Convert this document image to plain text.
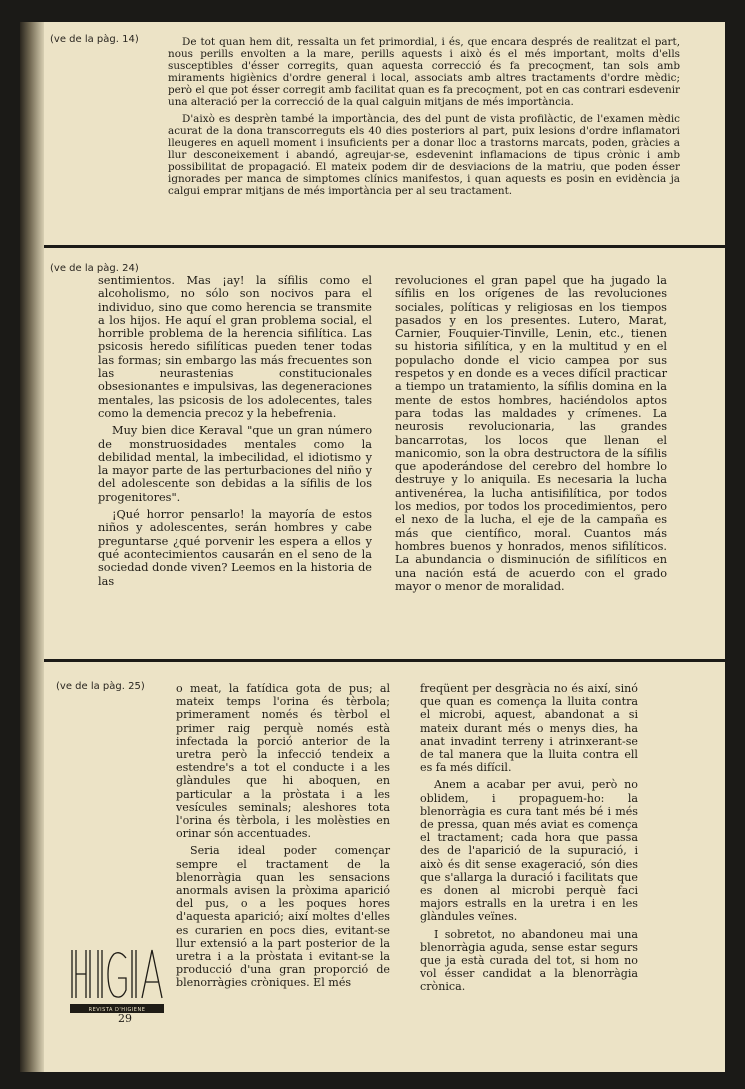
(ve de la pàg. 14)	De tot quan hem dit, ressalta un fet primordial, i és, que encara després de realitzat el part, nous perills envolten a la mare, perills aquests i això és el més important, molts d'ells susceptibles d'ésser corregits, quan aquesta correcció és fa precoçment, tan sols amb miraments higiènics d'ordre general i local, associats amb altres tractaments d'ordre mèdic; però el que pot ésser corregit amb facilitat quan es fa precoçment, pot en cas contrari esdevenir una alteració per la correcció de la qual calguin mitjans de més importància.

D'això es desprèn també la importància, des del punt de vista profilàctic, de l'examen mèdic acurat de la dona transcorreguts els 40 dies posteriors al part, puix lesions d'ordre inflamatori lleugeres en aquell moment i insuficients per a donar lloc a trastorns marcats, poden, gràcies a llur desconeixement i abandó, agreujar-se, esdevenint inflamacions de tipus crònic i amb possibilitat de propagació. El mateix podem dir de desviacions de la matriu, que poden ésser ignorades per manca de simptomes clínics manifestos, i quan aquests es posin en evidència ja calgui emprar mitjans de més importància per al seu tractament.

(ve de la pàg. 24)

sentimientos. Mas ¡ay! la sífilis como el alcoholismo, no sólo son nocivos para el individuo, sino que como herencia se transmite a los hijos. He aquí el gran problema social, el horrible problema de la herencia sifilítica. Las psicosis heredo sifilíticas pueden tener todas las formas; sin embargo las más frecuentes son las neurastenias constitucionales obsesionantes e impulsivas, las degeneraciones mentales, las psicosis de los adolecentes, tales como la demencia precoz y la hebefrenia.

Muy bien dice Keraval "que un gran número de monstruosidades mentales como la debilidad mental, la imbecilidad, el idiotismo y la mayor parte de las perturbaciones del niño y del adolescente son debidas a la sífilis de los progenitores".

¡Qué horror pensarlo! la mayoría de estos niños y adolescentes, serán hombres y cabe preguntarse ¿qué porvenir les espera a ellos y qué acontecimientos causarán en el seno de la sociedad donde viven? Leemos en la historia de las

revoluciones el gran papel que ha jugado la sífilis en los orígenes de las revoluciones sociales, políticas y religiosas en los tiempos pasados y en los presentes. Lutero, Marat, Carnier, Fouquier-Tinville, Lenin, etc., tienen su historia sifilítica, y en la multitud y en el populacho donde el vicio campea por sus respetos y en donde es a veces difícil practicar a tiempo un tratamiento, la sífilis domina en la mente de estos hombres, haciéndolos aptos para todas las maldades y crímenes. La neurosis revolucionaria, las grandes bancarrotas, los locos que llenan el manicomio, son la obra destructora de la sífilis que apoderándose del cerebro del hombre lo destruye y lo aniquila. Es necesaria la lucha antivenérea, la lucha antisifilítica, por todos los medios, por todos los procedimientos, pero el nexo de la lucha, el eje de la campaña es más que científico, moral. Cuantos más hombres buenos y honrados, menos sifilíticos. La abundancia o disminución de sifilíticos en una nación está de acuerdo con el grado mayor o menor de moralidad.

(ve de la pàg. 25)	o meat, la fatídica gota de pus; al mateix temps l'orina és tèrbola; primerament només és tèrbol el primer raig perquè només està infectada la porció anterior de la uretra però la infecció tendeix a estendre's a tot el conducte i a les glàndules que hi aboquen, en particular a la pròstata i a les vesícules seminals; aleshores tota l'orina és tèrbola, i les molèsties en orinar són accentuades.

Seria ideal poder començar sempre el tractament de la blenorràgia quan les sensacions anormals avisen la pròxima aparició del pus, o a les poques hores d'aquesta aparició; així moltes d'elles es curarien en pocs dies, evitant-se llur extensió a la part posterior de la uretra i a la pròstata i evitant-se la producció d'una gran proporció de blenorràgies cròniques. El més

freqüent per desgràcia no és així, sinó que quan es comença la lluita contra el microbi, aquest, abandonat a si mateix durant més o menys dies, ha anat invadint terreny i atrinxerant-se de tal manera que la lluita contra ell es fa més difícil.

Anem a acabar per avui, però no oblidem, i propaguem-ho: la blenorràgia es cura tant més bé i més de pressa, quan més aviat es comença el tractament; cada hora que passa des de l'aparició de la supuració, i això és dit sense exageració, són dies que s'allarga la duració i facilitats que es donen al microbi perquè faci majors estralls en la uretra i en les glàndules veïnes.

I sobretot, no abandoneu mai una blenorràgia aguda, sense estar segurs que ja està curada del tot, si hom no vol ésser candidat a la blenorràgia crònica.

REVISTA D'HIGIENE
29
